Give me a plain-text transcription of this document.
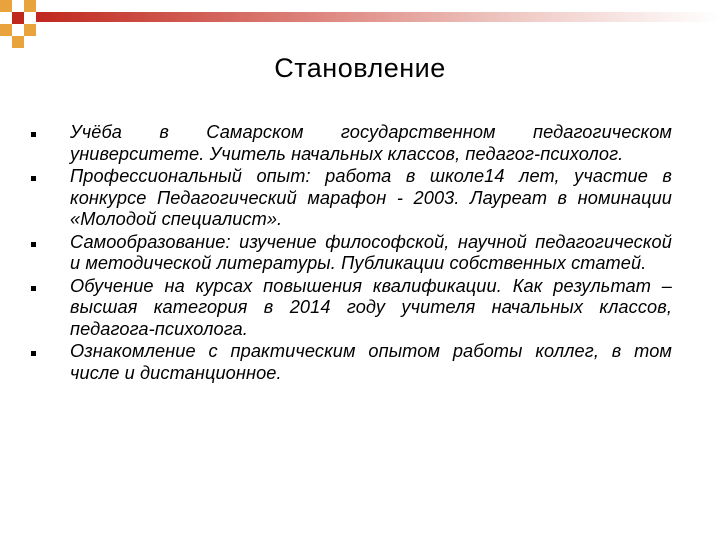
Становление
Учёба в Самарском государственном педагогическом университете. Учитель начальных классов, педагог-психолог.
Профессиональный опыт: работа в школе14 лет, участие в конкурсе Педагогический марафон - 2003. Лауреат в номинации «Молодой специалист».
Самообразование: изучение философской, научной педагогической и методической литературы. Публикации собственных статей.
Обучение на курсах повышения квалификации. Как результат – высшая категория в 2014 году учителя начальных классов, педагога-психолога.
Ознакомление с практическим опытом работы коллег, в том числе и дистанционное.
